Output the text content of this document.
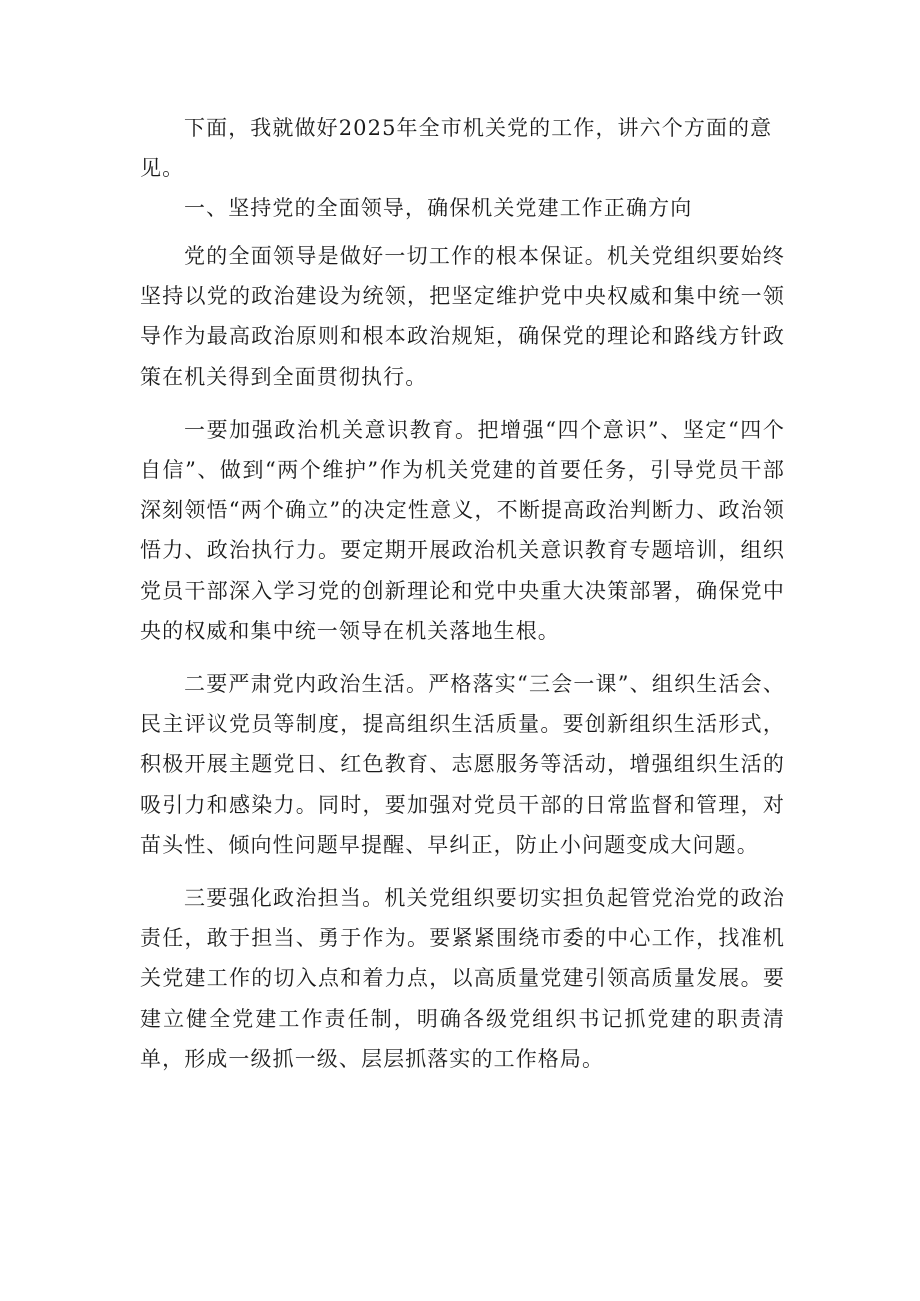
下面，我就做好2025年全市机关党的工作，讲六个方面的意见。

一、坚持党的全面领导，确保机关党建工作正确方向

党的全面领导是做好一切工作的根本保证。机关党组织要始终坚持以党的政治建设为统领，把坚定维护党中央权威和集中统一领导作为最高政治原则和根本政治规矩，确保党的理论和路线方针政策在机关得到全面贯彻执行。

一要加强政治机关意识教育。把增强“四个意识”、坚定“四个自信”、做到“两个维护”作为机关党建的首要任务，引导党员干部深刻领悟“两个确立”的决定性意义，不断提高政治判断力、政治领悟力、政治执行力。要定期开展政治机关意识教育专题培训，组织党员干部深入学习党的创新理论和党中央重大决策部署，确保党中央的权威和集中统一领导在机关落地生根。

二要严肃党内政治生活。严格落实“三会一课”、组织生活会、民主评议党员等制度，提高组织生活质量。要创新组织生活形式，积极开展主题党日、红色教育、志愿服务等活动，增强组织生活的吸引力和感染力。同时，要加强对党员干部的日常监督和管理，对苗头性、倾向性问题早提醒、早纠正，防止小问题变成大问题。

三要强化政治担当。机关党组织要切实担负起管党治党的政治责任，敢于担当、勇于作为。要紧紧围绕市委的中心工作，找准机关党建工作的切入点和着力点，以高质量党建引领高质量发展。要建立健全党建工作责任制，明确各级党组织书记抓党建的职责清单，形成一级抓一级、层层抓落实的工作格局。
